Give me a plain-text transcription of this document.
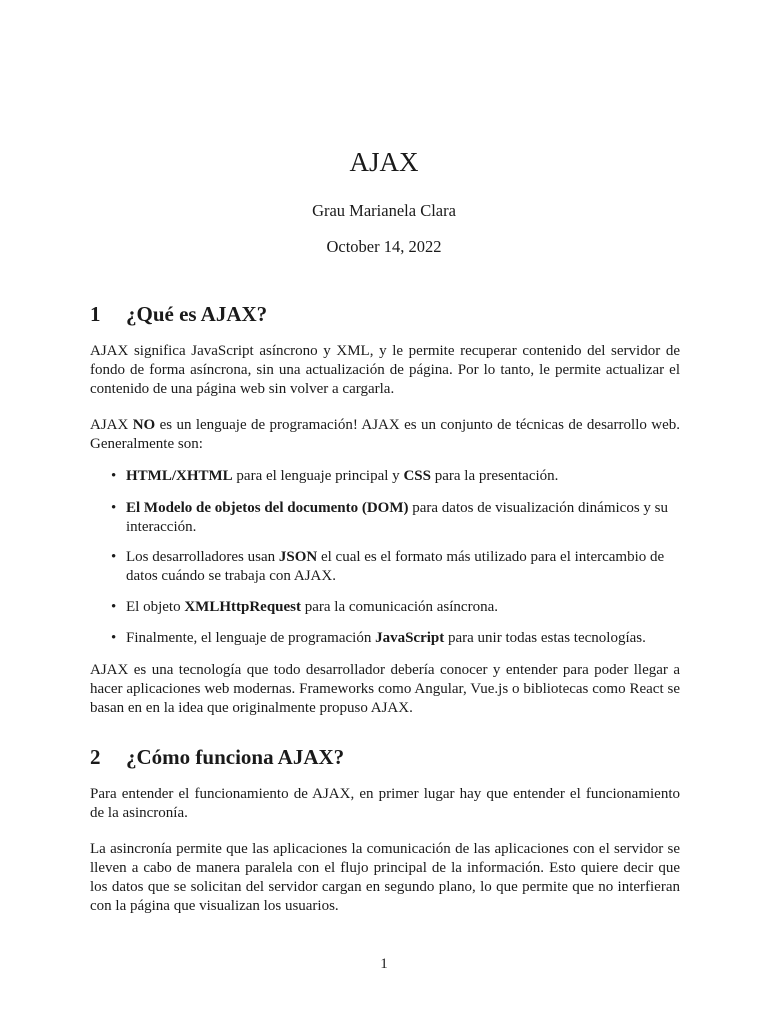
AJAX
Grau Marianela Clara
October 14, 2022
1 ¿Qué es AJAX?
AJAX significa JavaScript asíncrono y XML, y le permite recuperar contenido del servidor de fondo de forma asíncrona, sin una actualización de página. Por lo tanto, le permite actualizar el contenido de una página web sin volver a cargarla.
AJAX NO es un lenguaje de programación! AJAX es un conjunto de técnicas de desarrollo web. Generalmente son:
• HTML/XHTML para el lenguaje principal y CSS para la presentación.
• El Modelo de objetos del documento (DOM) para datos de visualización dinámicos y su interacción.
• Los desarrolladores usan JSON el cual es el formato más utilizado para el intercambio de datos cuándo se trabaja con AJAX.
• El objeto XMLHttpRequest para la comunicación asíncrona.
• Finalmente, el lenguaje de programación JavaScript para unir todas estas tecnologías.
AJAX es una tecnología que todo desarrollador debería conocer y entender para poder llegar a hacer aplicaciones web modernas. Frameworks como Angular, Vue.js o bibliotecas como React se basan en en la idea que originalmente propuso AJAX.
2 ¿Cómo funciona AJAX?
Para entender el funcionamiento de AJAX, en primer lugar hay que entender el funcionamiento de la asincronía.
La asincronía permite que las aplicaciones la comunicación de las aplicaciones con el servidor se lleven a cabo de manera paralela con el flujo principal de la información. Esto quiere decir que los datos que se solicitan del servidor cargan en segundo plano, lo que permite que no interfieran con la página que visualizan los usuarios.
1
